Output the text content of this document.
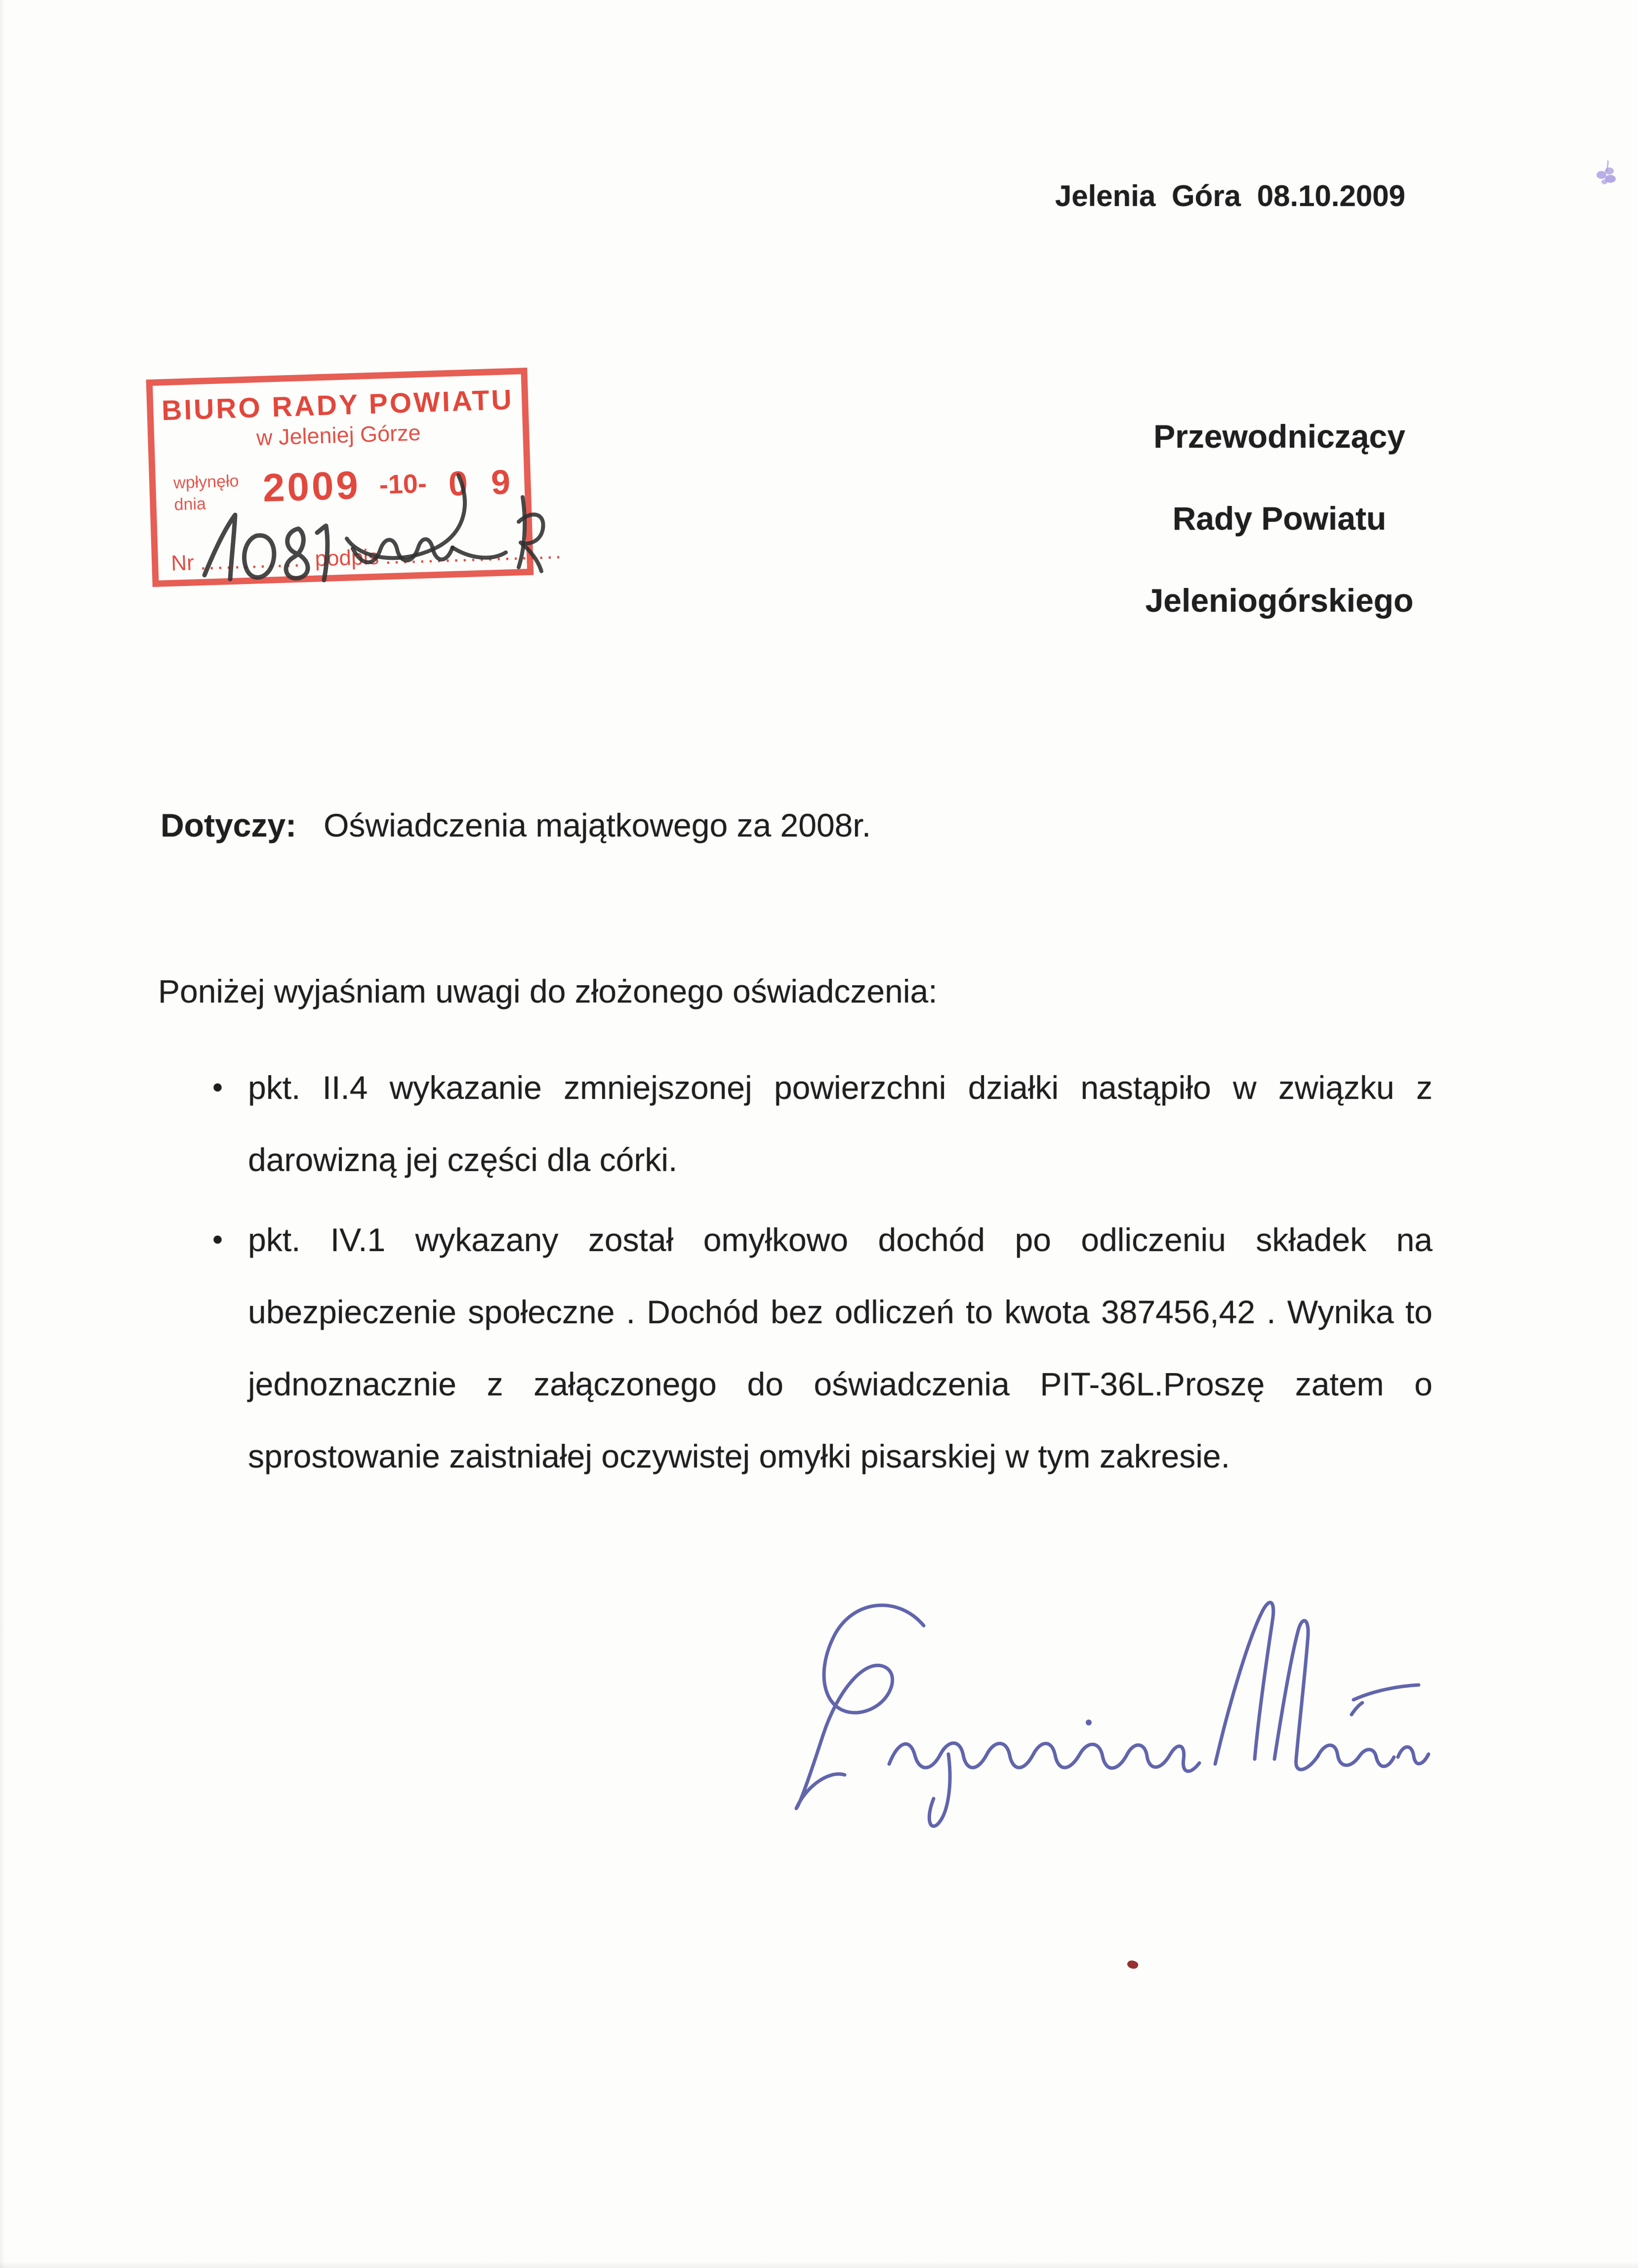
Jelenia Góra 08.10.2009
Przewodniczący
Rady Powiatu
Jeleniogórskiego
BIURO RADY POWIATU
w Jeleniej Górze
wpłynęło
dnia	2009 -10- 0 9
Nr
............ podpis
.....................
Dotyczy: Oświadczenia majątkowego za 2008r.
Poniżej wyjaśniam uwagi do złożonego oświadczenia:
• pkt. II.4 wykazanie zmniejszonej powierzchni działki nastąpiło w związku z darowizną jej części dla córki.
• pkt. IV.1 wykazany został omyłkowo dochód po odliczeniu składek na ubezpieczenie społeczne . Dochód bez odliczeń to kwota 387456,42 . Wynika to jednoznacznie z załączonego do oświadczenia PIT-36L.Proszę zatem o sprostowanie zaistniałej oczywistej omyłki pisarskiej w tym zakresie.
